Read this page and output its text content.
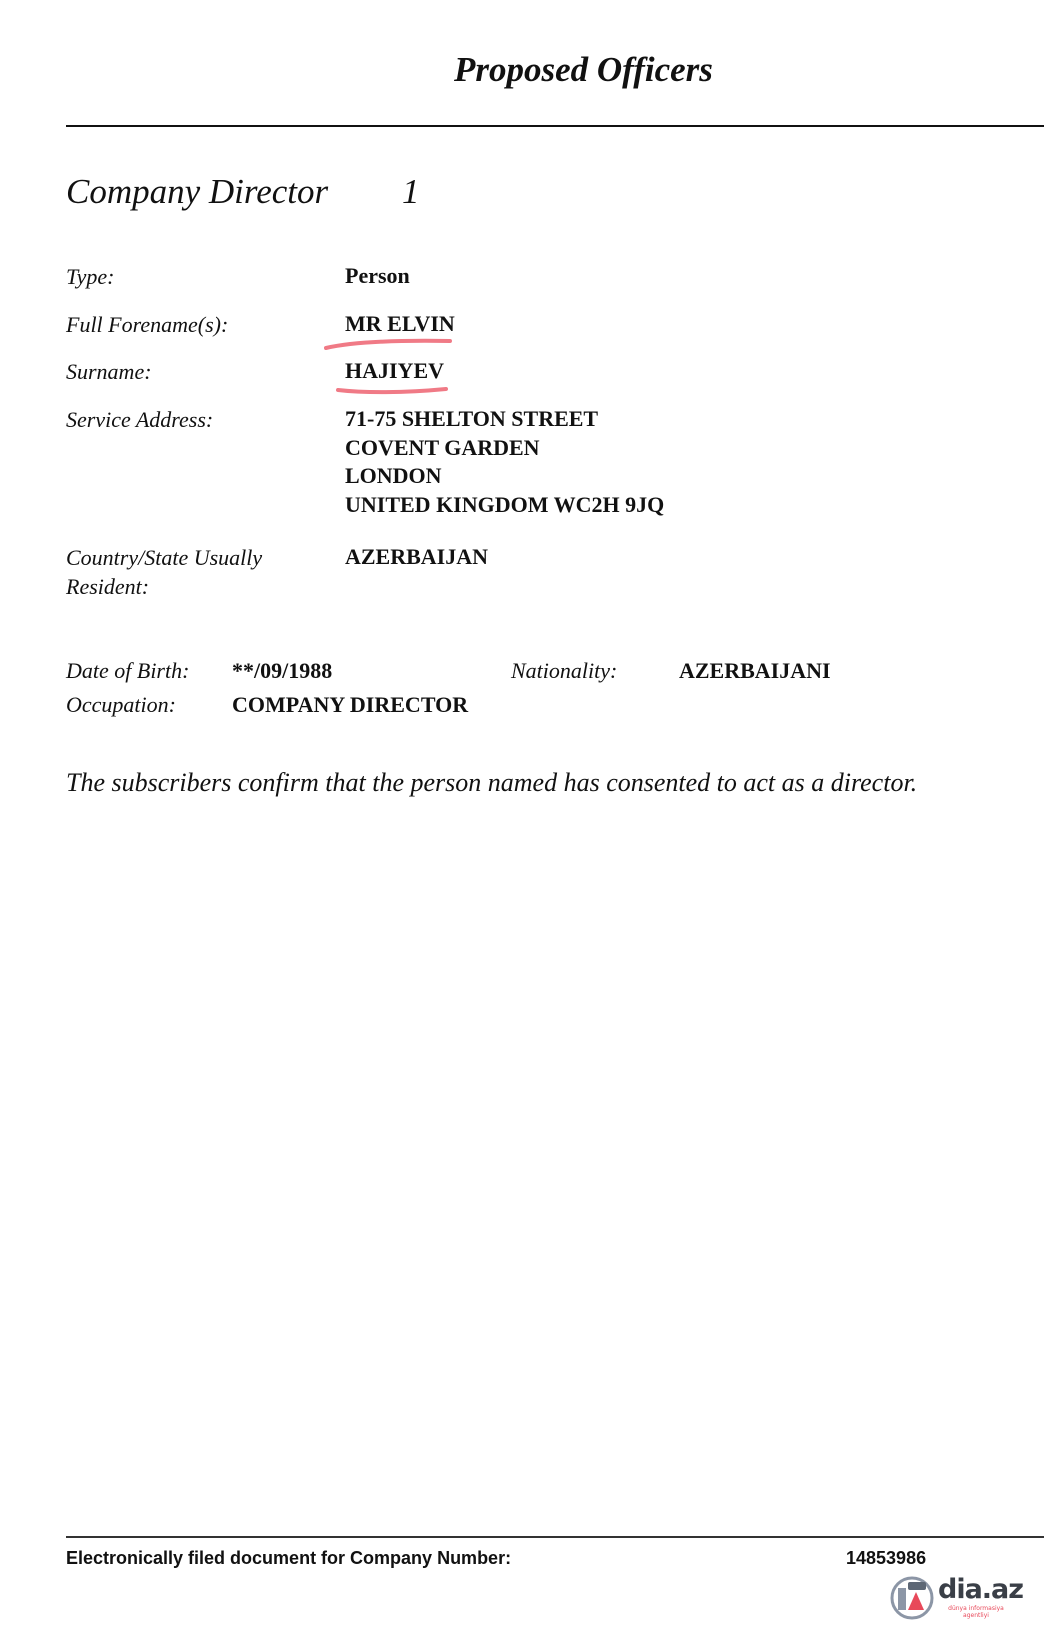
Proposed Officers
Company Director 1
Type:	Person
Full Forename(s):	MR ELVIN
Surname:	HAJIYEV
Service Address:	71-75 SHELTON STREET
COVENT GARDEN
LONDON
UNITED KINGDOM WC2H 9JQ
Country/State Usually
Resident:
AZERBAIJAN
Date of Birth: **/09/1988	Nationality:	AZERBAIJANI
Occupation:	COMPANY DIRECTOR
The subscribers confirm that the person named has consented to act as a director.
Electronically filed document for Company Number:	14853986
dia.az
dünya informasiya agentliyi
